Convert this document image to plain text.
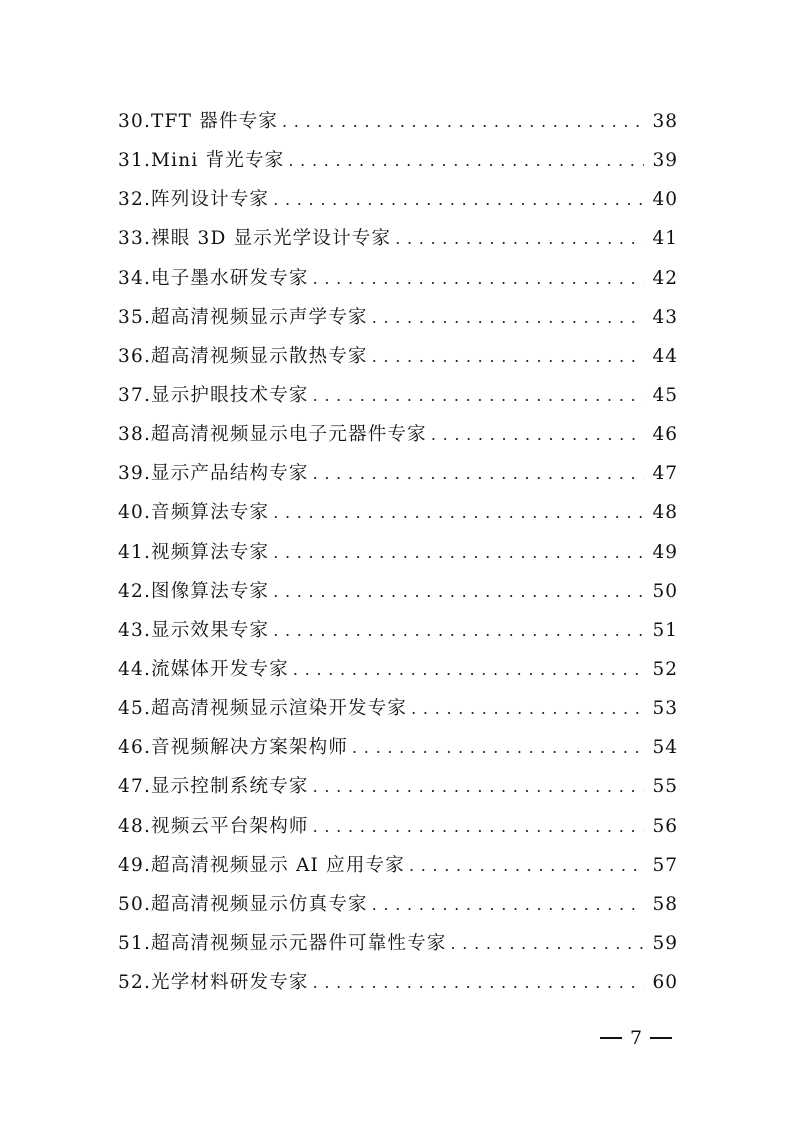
30.TFT 器件专家 . . .	38
31.Mini 背光专家 . . .	39
32.阵列设计专家 . . .	40
33.裸眼 3D 显示光学设计专家 . . .	41
34.电子墨水研发专家 . . .	42
35.超高清视频显示声学专家 . . .	43
36.超高清视频显示散热专家 . . .	44
37.显示护眼技术专家 . . .	45
38.超高清视频显示电子元器件专家 . . .	46
39.显示产品结构专家 . . .	47
40.音频算法专家 . . .	48
41.视频算法专家 . . .	49
42.图像算法专家 . . .	50
43.显示效果专家 . . .	51
44.流媒体开发专家 . . .	52
45.超高清视频显示渲染开发专家 . . .	53
46.音视频解决方案架构师 . . .	54
47.显示控制系统专家 . . .	55
48.视频云平台架构师 . . .	56
49.超高清视频显示 AI 应用专家 . . .	57
50.超高清视频显示仿真专家 . . .	58
51.超高清视频显示元器件可靠性专家 . . .	59
52.光学材料研发专家 . . .	60
7
